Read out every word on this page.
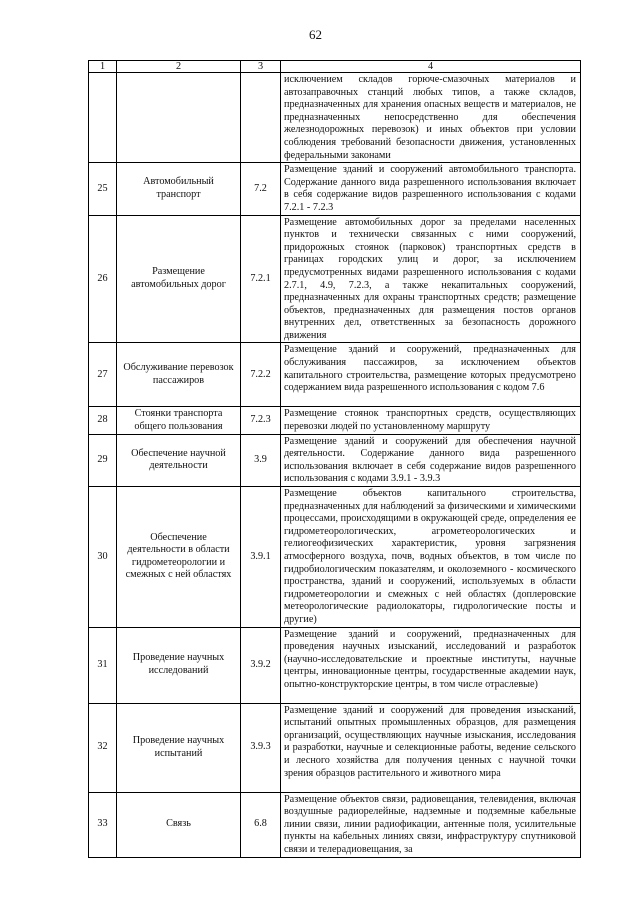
62
1	2	3	4
			исключением складов горюче-смазочных материалов и автозаправочных станций любых типов, а также складов, предназначенных для хранения опасных веществ и материалов, не предназначенных непосредственно для обеспечения железнодорожных перевозок) и иных объектов при условии соблюдения требований безопасности движения, установленных федеральными законами
25	Автомобильный транспорт	7.2	Размещение зданий и сооружений автомобильного транспорта. Содержание данного вида разрешенного использования включает в себя содержание видов разрешенного использования с кодами 7.2.1 - 7.2.3
26	Размещение автомобильных дорог	7.2.1	Размещение автомобильных дорог за пределами населенных пунктов и технически связанных с ними сооружений, придорожных стоянок (парковок) транспортных средств в границах городских улиц и дорог, за исключением предусмотренных видами разрешенного использования с кодами 2.7.1, 4.9, 7.2.3, а также некапитальных сооружений, предназначенных для охраны транспортных средств; размещение объектов, предназначенных для размещения постов органов внутренних дел, ответственных за безопасность дорожного движения
27	Обслуживание перевозок пассажиров	7.2.2	Размещение зданий и сооружений, предназначенных для обслуживания пассажиров, за исключением объектов капитального строительства, размещение которых предусмотрено содержанием вида разрешенного использования с кодом 7.6
28	Стоянки транспорта общего пользования	7.2.3	Размещение стоянок транспортных средств, осуществляющих перевозки людей по установленному маршруту
29	Обеспечение научной деятельности	3.9	Размещение зданий и сооружений для обеспечения научной деятельности. Содержание данного вида разрешенного использования включает в себя содержание видов разрешенного использования с кодами 3.9.1 - 3.9.3
30	Обеспечение деятельности в области гидрометеорологии и смежных с ней областях	3.9.1	Размещение объектов капитального строительства, предназначенных для наблюдений за физическими и химическими процессами, происходящими в окружающей среде, определения ее гидрометеорологических, агрометеорологических и гелиогеофизических характеристик, уровня загрязнения атмосферного воздуха, почв, водных объектов, в том числе по гидробиологическим показателям, и околоземного - космического пространства, зданий и сооружений, используемых в области гидрометеорологии и смежных с ней областях (доплеровские метеорологические радиолокаторы, гидрологические посты и другие)
31	Проведение научных исследований	3.9.2	Размещение зданий и сооружений, предназначенных для проведения научных изысканий, исследований и разработок (научно-исследовательские и проектные институты, научные центры, инновационные центры, государственные академии наук, опытно-конструкторские центры, в том числе отраслевые)
32	Проведение научных испытаний	3.9.3	Размещение зданий и сооружений для проведения изысканий, испытаний опытных промышленных образцов, для размещения организаций, осуществляющих научные изыскания, исследования и разработки, научные и селекционные работы, ведение сельского и лесного хозяйства для получения ценных с научной точки зрения образцов растительного и животного мира
33	Связь	6.8	Размещение объектов связи, радиовещания, телевидения, включая воздушные радиорелейные, надземные и подземные кабельные линии связи, линии радиофикации, антенные поля, усилительные пункты на кабельных линиях связи, инфраструктуру спутниковой связи и телерадиовещания, за
